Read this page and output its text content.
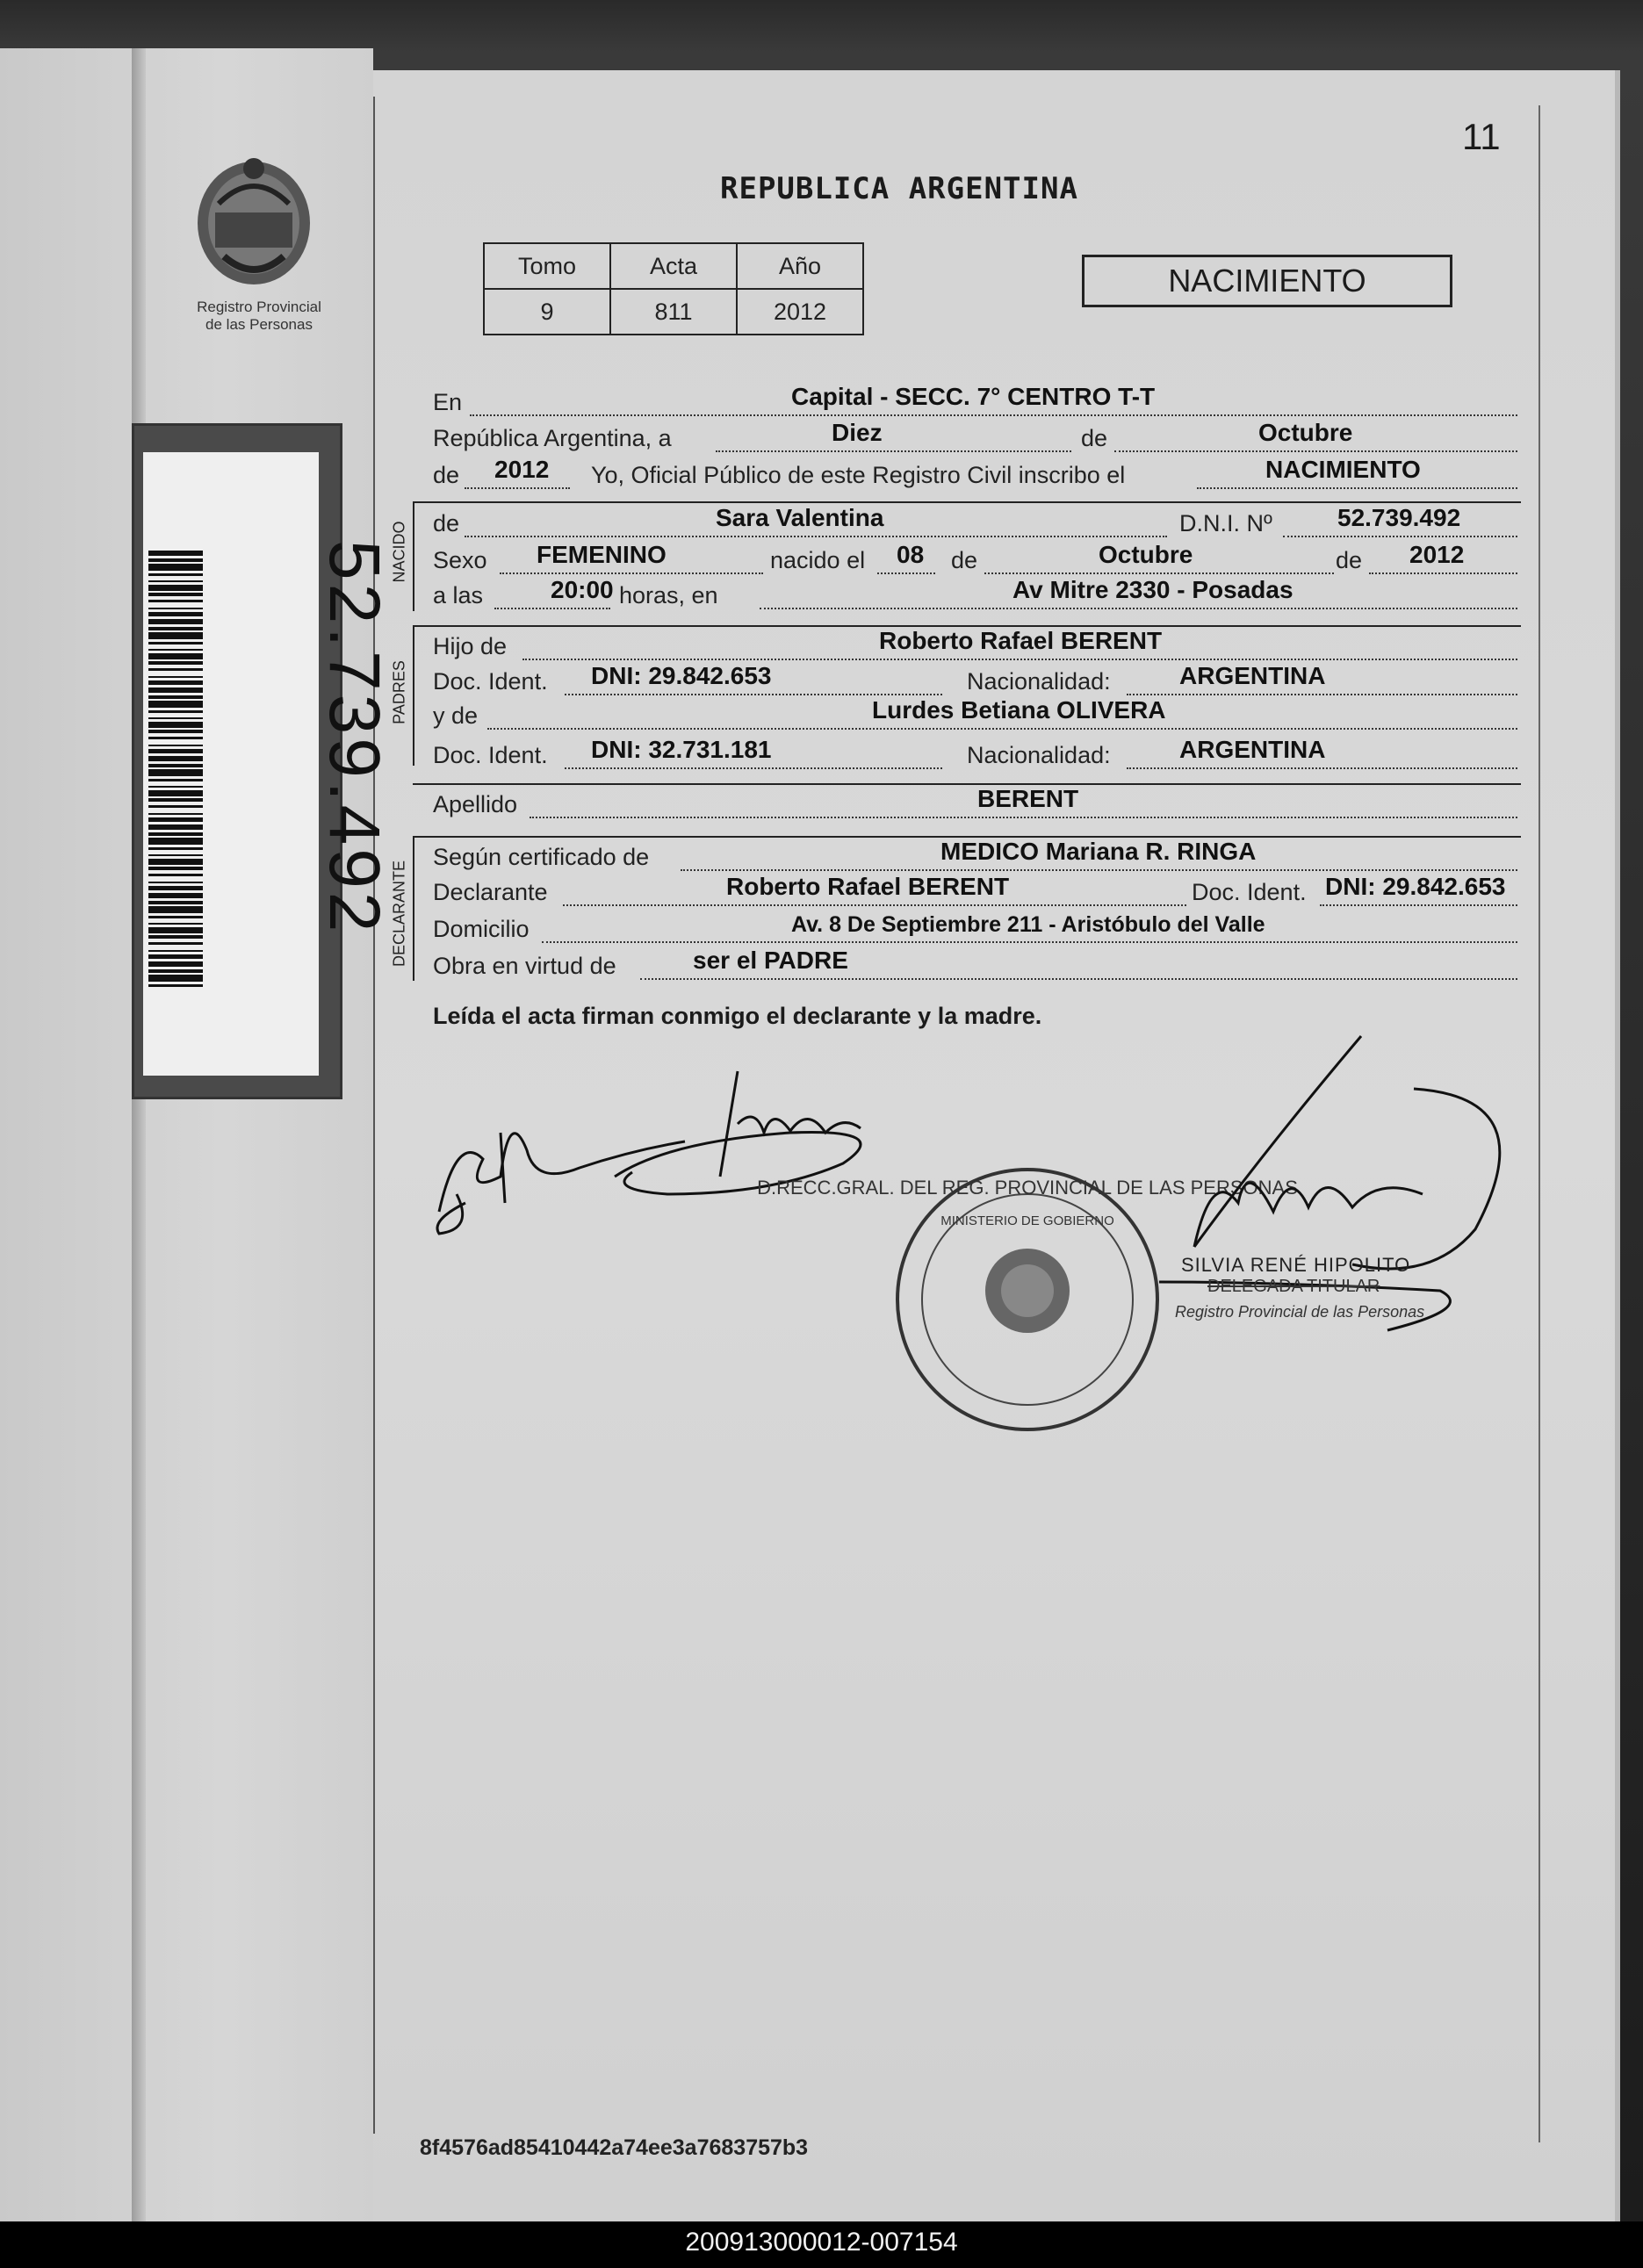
Registro Provincial
de las Personas
52.739.492
11
REPUBLICA ARGENTINA
Tomo	Acta	Año
9	811	2012
NACIMIENTO
En	Capital - SECC. 7° CENTRO T-T
República Argentina, a	Diez	de	Octubre
de 2012 Yo, Oficial Público de este Registro Civil inscribo el	NACIMIENTO
NACIDO de	Sara Valentina	D.N.I. Nº	52.739.492
Sexo FEMENINO	nacido el 08 de	Octubre	de 2012
a las	20:00 horas, en	Av Mitre 2330 - Posadas
PADRES
Hijo de	Roberto Rafael BERENT
Doc. Ident. DNI: 29.842.653	Nacionalidad:	ARGENTINA
y de	Lurdes Betiana OLIVERA
Doc. Ident. DNI: 32.731.181	Nacionalidad:	ARGENTINA
Apellido	BERENT
DECLARANTE
Según certificado de	MEDICO Mariana R. RINGA
Declarante	Roberto Rafael BERENT	Doc. Ident. DNI: 29.842.653
Domicilio	Av. 8 De Septiembre 211 - Aristóbulo del Valle
Obra en virtud de	ser el PADRE
Leída el acta firman conmigo el declarante y la madre.
D.RECC.GRAL. DEL REG. PROVINCIAL DE LAS PERSONAS
MINISTERIO DE GOBIERNO
SILVIA RENÉ HIPOLITO
DELEGADA TITULAR
Registro Provincial de las Personas
8f4576ad85410442a74ee3a7683757b3
200913000012-007154
